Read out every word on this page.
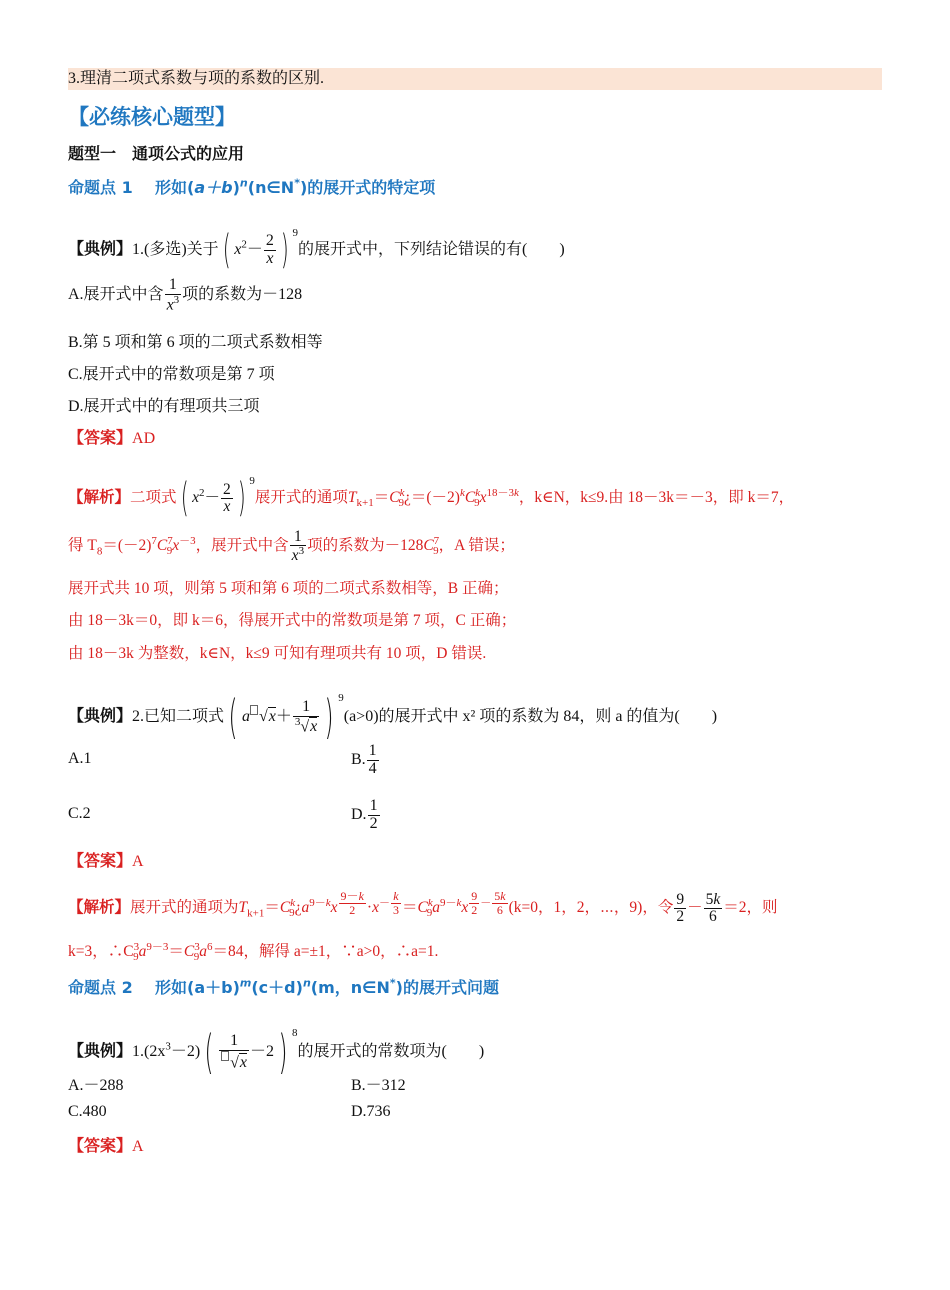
3.理清二项式系数与项的系数的区别.
【必练核心题型】
题型一　通项公式的应用
命题点 1 形如$(a+b)^n(n\in N^*)$的展开式的特定项
【典例】1.(多选)关于( $x^2- \frac{2}{x}$ ) $^9$的展开式中，下列结论错误的有(　　)
A.展开式中含 $\frac{1}{x^3}$ 项的系数为－128
B.第 5 项和第 6 项的二项式系数相等
C.展开式中的常数项是第 7 项
D.展开式中的有理项共三项
【答案】AD
【解析】二项式( $x^2- \frac{2}{x}$ ) $^9$展开式的通项$T_{k+1}=C^k_9¿=(-2)^kC^k_9x^{18-3k}$，k∈N，k≤9.由 18－3k＝－3，即 k＝7，
得 $T_8=(-2)^7C^7_9x^{-3}$，展开式中含 $\frac{1}{x^3}$ 项的系数为$-128C^7_9$，A 错误；
展开式共 10 项，则第 5 项和第 6 项的二项式系数相等，B 正确；
由 18－3k＝0，即 k＝6，得展开式中的常数项是第 7 项，C 正确；
由 18－3k 为整数，k∈N，k≤9 可知有理项共有 10 项，D 错误.
【典例】2.已知二项式( a $√x+ \frac{1}{^3√x}$ ) $^9$(a>0)的展开式中 x² 项的系数为 84，则 a 的值为(　　)
A.1	B. $\frac{1}{4}$
C.2	D. $\frac{1}{2}$
【答案】A
【解析】展开式的通项为$T_{k+1}=C^k_9¿a^{9-k}x$ $^{\frac{9-k}{2}} \cdot x^{- \frac{k}{3}} =C^k_9a^{9-k}x$ $^{\frac{9}{2} - \frac{5k}{6}}$ (k=0，1，2，⋯，9)，令 $\frac{9}{2} - \frac{5k}{6} =2$，则
k=3，$\therefore C^3_9a^{9-3}=C^3_9a^6=84$，解得 a=±1，∵a>0，∴a=1.
命题点 2 形如$(a+b)^m(c+d)^n(m$，n∈N*)的展开式问题
【典例】$1.(2x^3-2)( \frac{1}{√x} -2)$ $^8$的展开式的常数项为(　　)
A.－288	B.－312
C.480	D.736
【答案】A
